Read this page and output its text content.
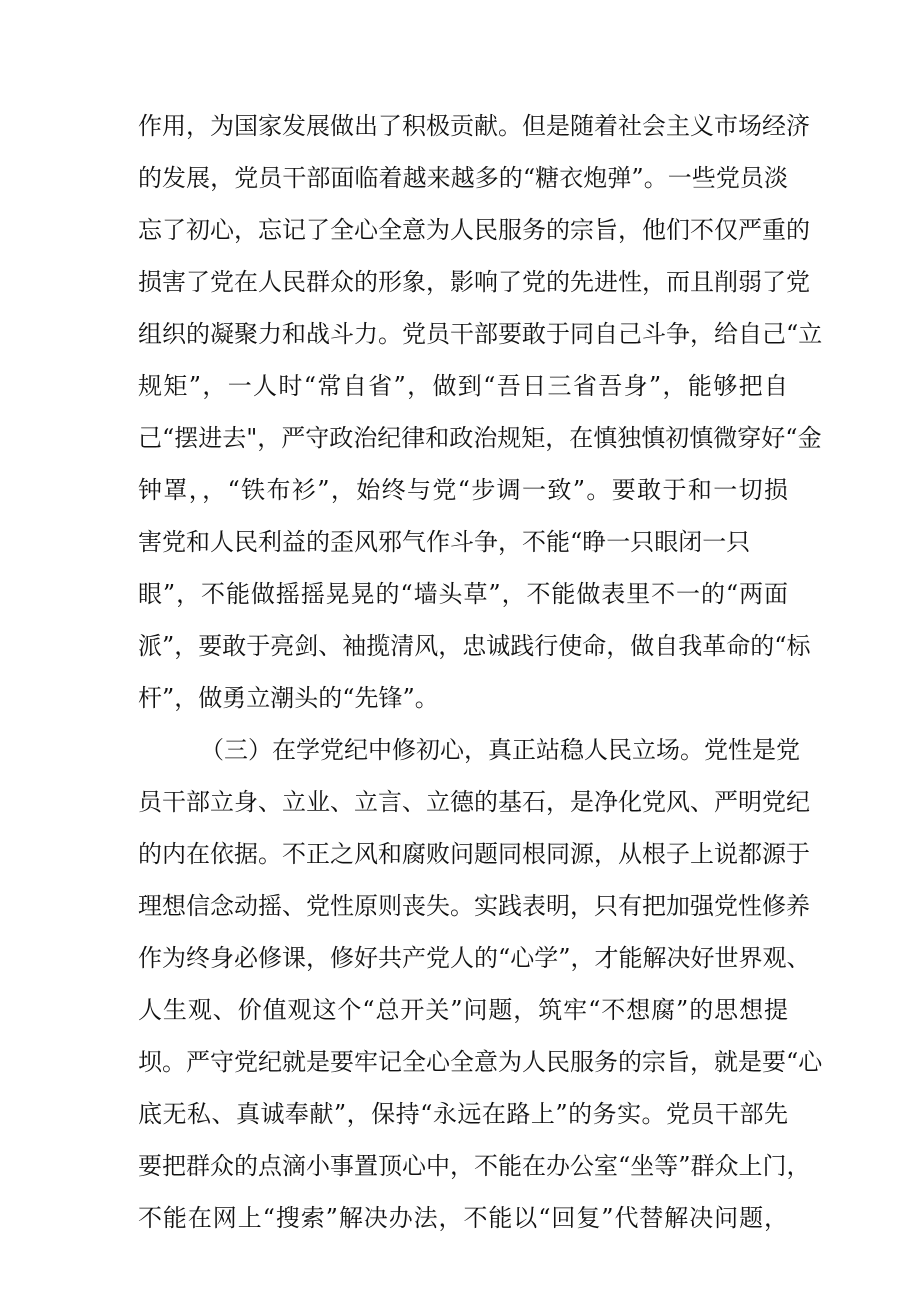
作用，为国家发展做出了积极贡献。但是随着社会主义市场经济
的发展，党员干部面临着越来越多的“糖衣炮弹”。一些党员淡
忘了初心，忘记了全心全意为人民服务的宗旨，他们不仅严重的
损害了党在人民群众的形象，影响了党的先进性，而且削弱了党
组织的凝聚力和战斗力。党员干部要敢于同自己斗争，给自己“立
规矩”，一人时“常自省”，做到“吾日三省吾身”，能够把自
己“摆进去"，严守政治纪律和政治规矩，在慎独慎初慎微穿好“金
钟罩，，“铁布衫”，始终与党“步调一致”。要敢于和一切损
害党和人民利益的歪风邪气作斗争，不能“睁一只眼闭一只
眼”，不能做摇摇晃晃的“墙头草”，不能做表里不一的“两面
派”，要敢于亮剑、袖揽清风，忠诚践行使命，做自我革命的“标
杆”，做勇立潮头的“先锋”。
（三）在学党纪中修初心，真正站稳人民立场。党性是党
员干部立身、立业、立言、立德的基石，是净化党风、严明党纪
的内在依据。不正之风和腐败问题同根同源，从根子上说都源于
理想信念动摇、党性原则丧失。实践表明，只有把加强党性修养
作为终身必修课，修好共产党人的“心学”，才能解决好世界观、
人生观、价值观这个“总开关”问题，筑牢“不想腐”的思想提
坝。严守党纪就是要牢记全心全意为人民服务的宗旨，就是要“心
底无私、真诚奉献”，保持“永远在路上”的务实。党员干部先
要把群众的点滴小事置顶心中，不能在办公室“坐等”群众上门，
不能在网上“搜索”解决办法，不能以“回复”代替解决问题，
